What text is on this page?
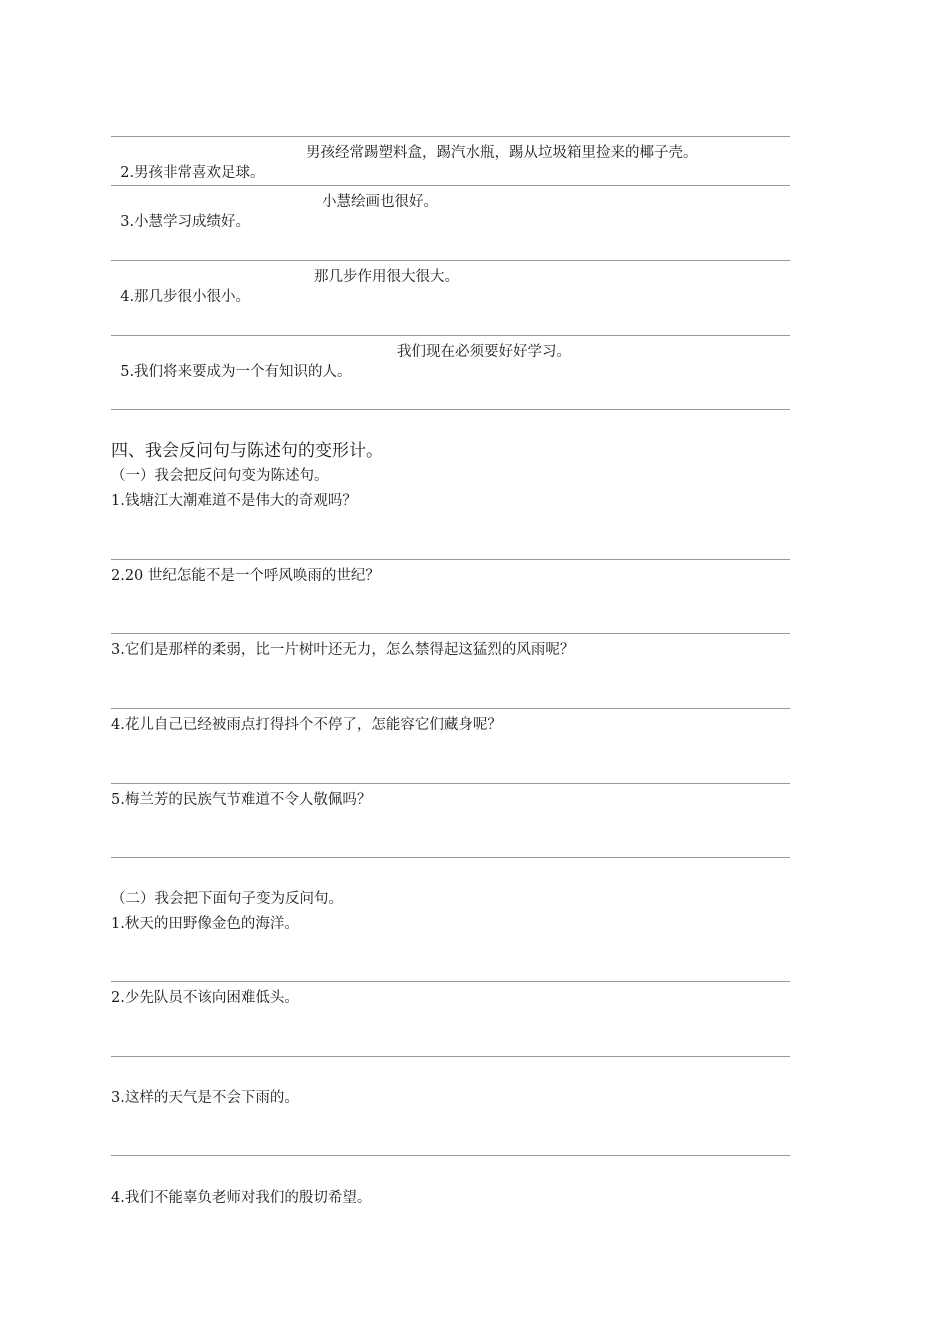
2.男孩非常喜欢足球。

男孩经常踢塑料盒，踢汽水瓶，踢从垃圾箱里捡来的椰子壳。

3.小慧学习成绩好。

小慧绘画也很好。

4.那几步很小很小。

那几步作用很大很大。

5.我们将来要成为一个有知识的人。

我们现在必须要好好学习。

四、我会反问句与陈述句的变形计。
（一）我会把反问句变为陈述句。
1.钱塘江大潮难道不是伟大的奇观吗？
2.20 世纪怎能不是一个呼风唤雨的世纪？
3.它们是那样的柔弱，比一片树叶还无力，怎么禁得起这猛烈的风雨呢？
4.花儿自己已经被雨点打得抖个不停了，怎能容它们藏身呢？
5.梅兰芳的民族气节难道不令人敬佩吗？
（二）我会把下面句子变为反问句。
1.秋天的田野像金色的海洋。
2.少先队员不该向困难低头。
3.这样的天气是不会下雨的。
4.我们不能辜负老师对我们的殷切希望。
